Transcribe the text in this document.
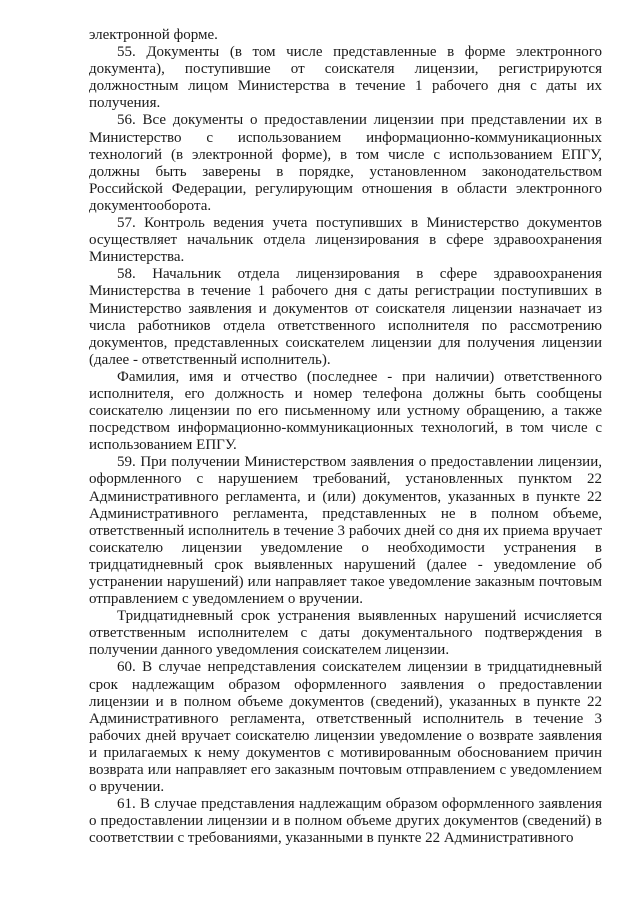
электронной форме.

55. Документы (в том числе представленные в форме электронного документа), поступившие от соискателя лицензии, регистрируются должностным лицом Министерства в течение 1 рабочего дня с даты их получения.

56. Все документы о предоставлении лицензии при представлении их в Министерство с использованием информационно-коммуникационных технологий (в электронной форме), в том числе с использованием ЕПГУ, должны быть заверены в порядке, установленном законодательством Российской Федерации, регулирующим отношения в области электронного документооборота.

57. Контроль ведения учета поступивших в Министерство документов осуществляет начальник отдела лицензирования в сфере здравоохранения Министерства.

58. Начальник отдела лицензирования в сфере здравоохранения Министерства в течение 1 рабочего дня с даты регистрации поступивших в Министерство заявления и документов от соискателя лицензии назначает из числа работников отдела ответственного исполнителя по рассмотрению документов, представленных соискателем лицензии для получения лицензии (далее - ответственный исполнитель).

Фамилия, имя и отчество (последнее - при наличии) ответственного исполнителя, его должность и номер телефона должны быть сообщены соискателю лицензии по его письменному или устному обращению, а также посредством информационно-коммуникационных технологий, в том числе с использованием ЕПГУ.

59. При получении Министерством заявления о предоставлении лицензии, оформленного с нарушением требований, установленных пунктом 22 Административного регламента, и (или) документов, указанных в пункте 22 Административного регламента, представленных не в полном объеме, ответственный исполнитель в течение 3 рабочих дней со дня их приема вручает соискателю лицензии уведомление о необходимости устранения в тридцатидневный срок выявленных нарушений (далее - уведомление об устранении нарушений) или направляет такое уведомление заказным почтовым отправлением с уведомлением о вручении.

Тридцатидневный срок устранения выявленных нарушений исчисляется ответственным исполнителем с даты документального подтверждения в получении данного уведомления соискателем лицензии.

60. В случае непредставления соискателем лицензии в тридцатидневный срок надлежащим образом оформленного заявления о предоставлении лицензии и в полном объеме документов (сведений), указанных в пункте 22 Административного регламента, ответственный исполнитель в течение 3 рабочих дней вручает соискателю лицензии уведомление о возврате заявления и прилагаемых к нему документов с мотивированным обоснованием причин возврата или направляет его заказным почтовым отправлением с уведомлением о вручении.

61. В случае представления надлежащим образом оформленного заявления о предоставлении лицензии и в полном объеме других документов (сведений) в соответствии с требованиями, указанными в пункте 22 Административного
